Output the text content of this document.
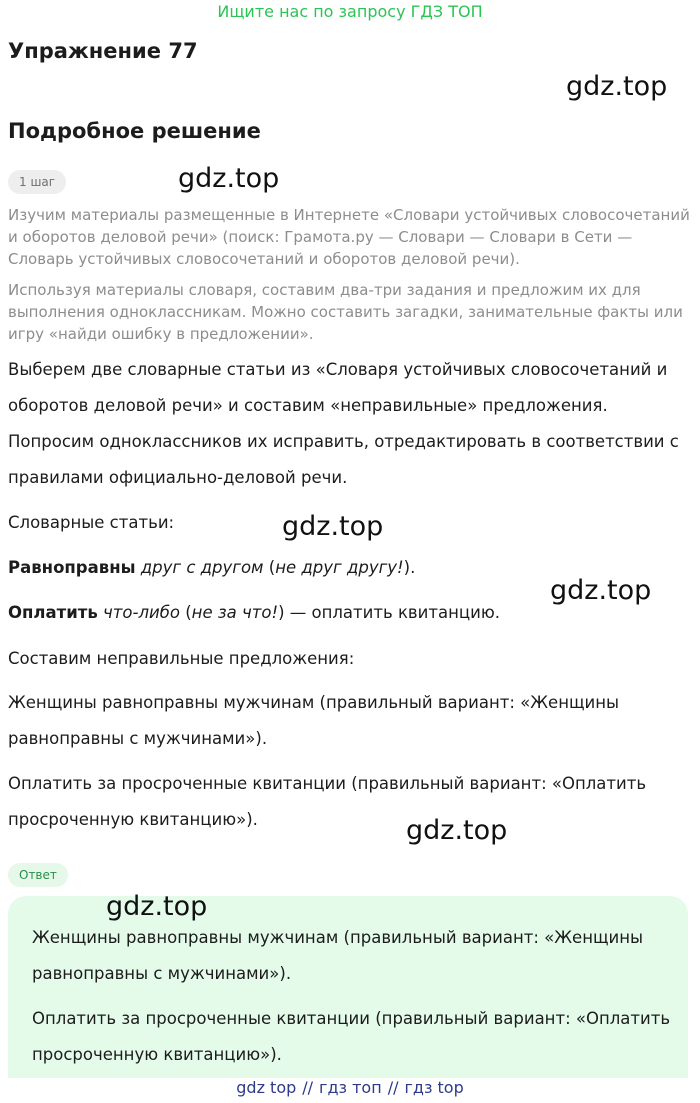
Ищите нас по запросу ГДЗ ТОП
Упражнение 77
gdz.top
Подробное решение
1 шаг	gdz.top
Изучим материалы размещенные в Интернете «Словари устойчивых словосочетаний и оборотов деловой речи» (поиск: Грамота.ру — Словари — Словари в Сети — Словарь устойчивых словосочетаний и оборотов деловой речи).
Используя материалы словаря, составим два-три задания и предложим их для выполнения одноклассникам. Можно составить загадки, занимательные факты или игру «найди ошибку в предложении».
Выберем две словарные статьи из «Словаря устойчивых словосочетаний и оборотов деловой речи» и составим «неправильные» предложения.
Попросим одноклассников их исправить, отредактировать в соответствии с правилами официально-деловой речи.
Словарные статьи:	gdz.top
Равноправны друг с другом (не друг другу!).
gdz.top
Оплатить что-либо (не за что!) — оплатить квитанцию.
Составим неправильные предложения:
Женщины равноправны мужчинам (правильный вариант: «Женщины равноправны с мужчинами»).
Оплатить за просроченные квитанции (правильный вариант: «Оплатить просроченную квитанцию»).	gdz.top
Ответ
Женщины равноправны мужчинам (правильный вариант: «Женщины равноправны с мужчинами»).
Оплатить за просроченные квитанции (правильный вариант: «Оплатить просроченную квитанцию»).
gdz.top
gdz top // гдз топ // гдз top
